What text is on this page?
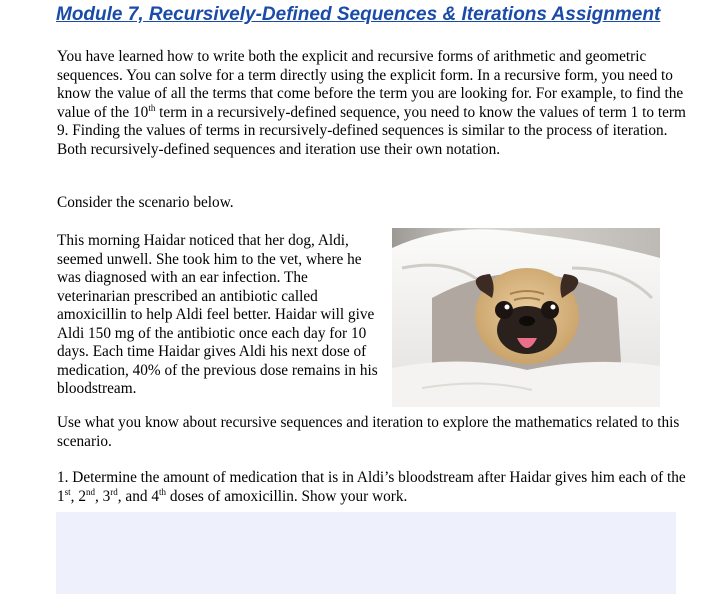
Module 7, Recursively-Defined Sequences & Iterations Assignment

You have learned how to write both the explicit and recursive forms of arithmetic and geometric sequences. You can solve for a term directly using the explicit form. In a recursive form, you need to know the value of all the terms that come before the term you are looking for. For example, to find the value of the 10th term in a recursively-defined sequence, you need to know the values of term 1 to term 9. Finding the values of terms in recursively-defined sequences is similar to the process of iteration. Both recursively-defined sequences and iteration use their own notation.

Consider the scenario below.

This morning Haidar noticed that her dog, Aldi, seemed unwell. She took him to the vet, where he was diagnosed with an ear infection. The veterinarian prescribed an antibiotic called amoxicillin to help Aldi feel better. Haidar will give Aldi 150 mg of the antibiotic once each day for 10 days. Each time Haidar gives Aldi his next dose of medication, 40% of the previous dose remains in his bloodstream.

Use what you know about recursive sequences and iteration to explore the mathematics related to this scenario.

1. Determine the amount of medication that is in Aldi’s bloodstream after Haidar gives him each of the 1st, 2nd, 3rd, and 4th doses of amoxicillin. Show your work.
